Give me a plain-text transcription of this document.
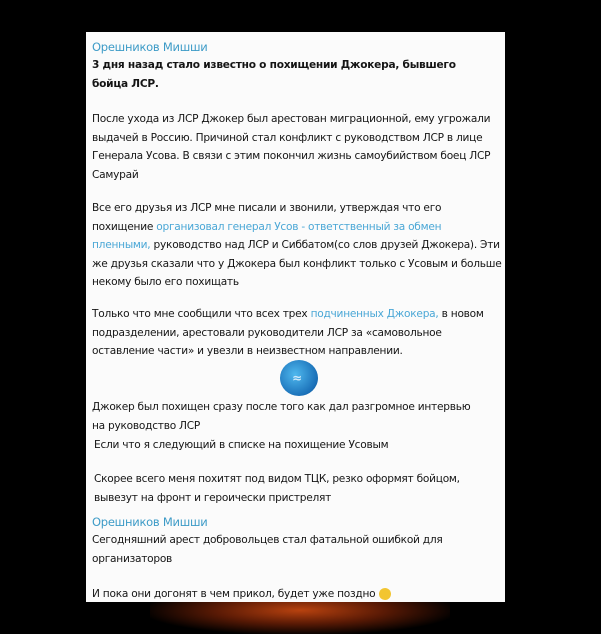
Орешников Мишши
3 дня назад стало известно о похищении Джокера, бывшего бойца ЛСР.
После ухода из ЛСР Джокер был арестован миграционной, ему угрожали выдачей в Россию. Причиной стал конфликт с руководством ЛСР в лице Генерала Усова. В связи с этим покончил жизнь самоубийством боец ЛСР Самурай
Все его друзья из ЛСР мне писали и звонили, утверждая что его похищение организовал генерал Усов - ответственный за обмен пленными, руководство над ЛСР и Сиббатом(со слов друзей Джокера). Эти же друзья сказали что у Джокера был конфликт только с Усовым и больше некому было его похищать
Только что мне сообщили что всех трех подчиненных Джокера, в новом подразделении, арестовали руководители ЛСР за «самовольное оставление части» и увезли в неизвестном направлении.
≈
Джокер был похищен сразу после того как дал разгромное интервью на руководство ЛСР
Если что я следующий в списке на похищение Усовым
Скорее всего меня похитят под видом ТЦК, резко оформят бойцом, вывезут на фронт и героически пристрелят
Орешников Мишши
Сегодняшний арест добровольцев стал фатальной ошибкой для организаторов
И пока они догонят в чем прикол, будет уже поздно
